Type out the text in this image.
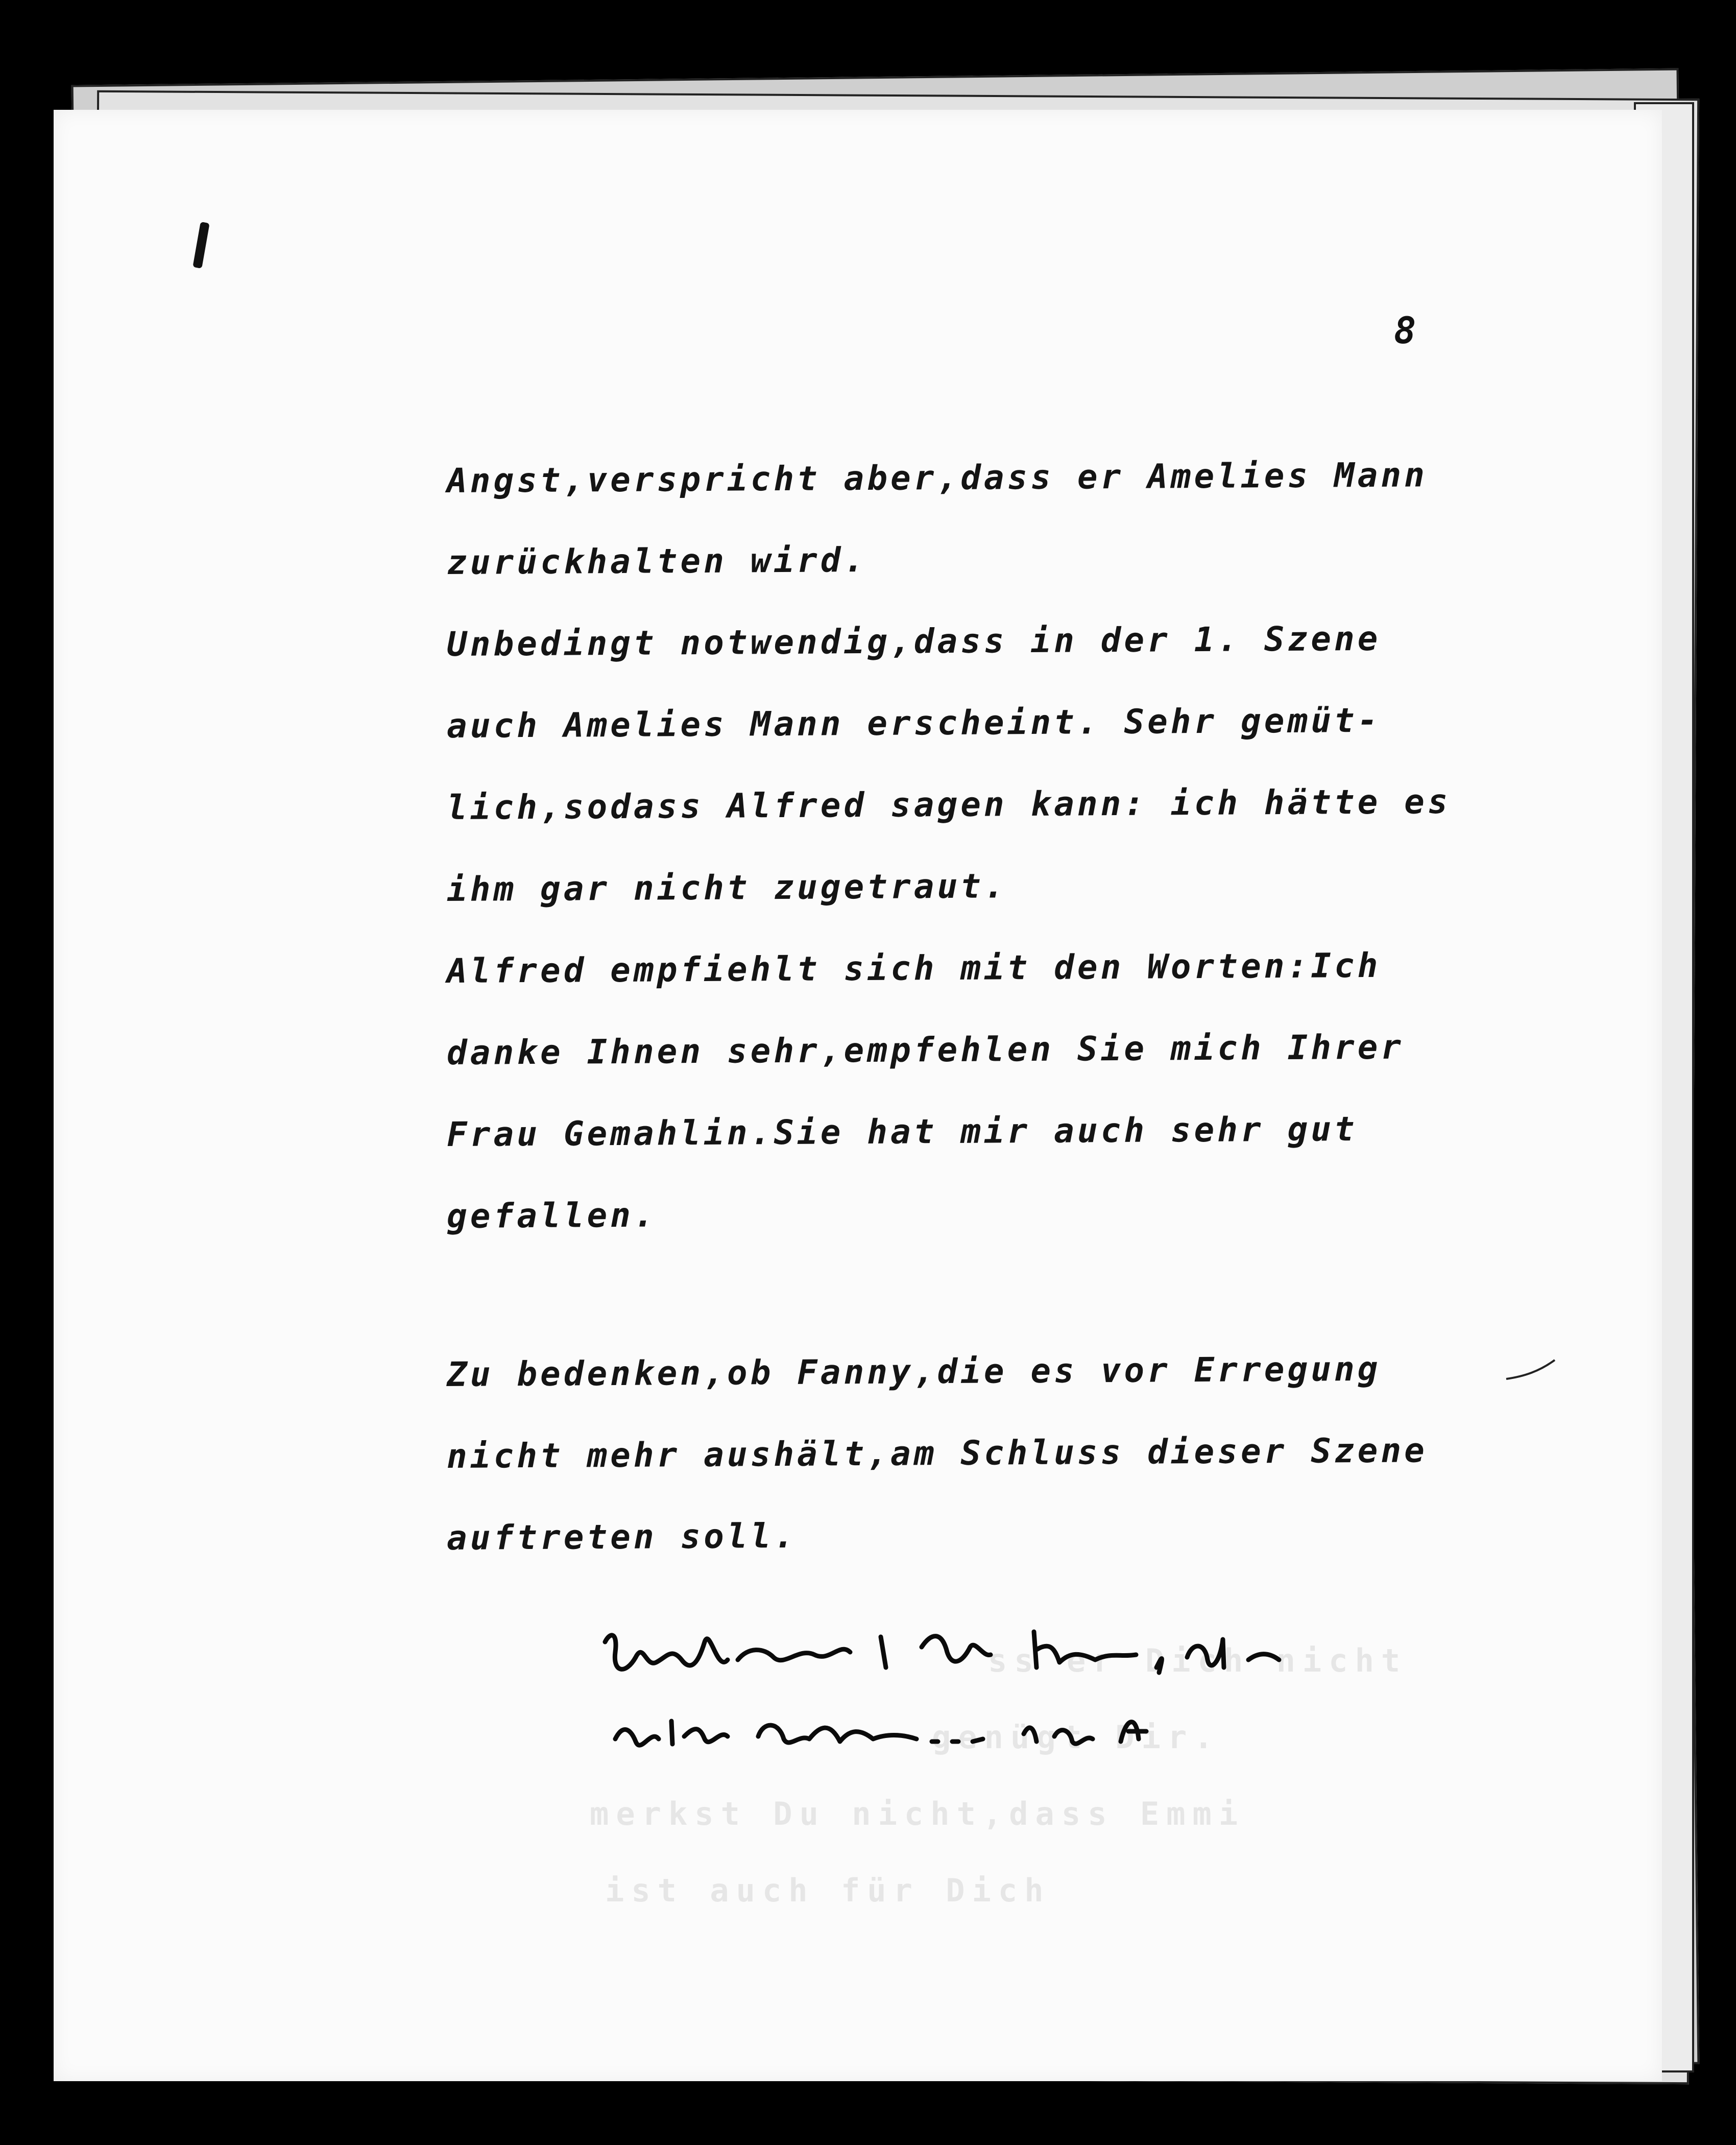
ss er Dich nicht
genügt Dir.
merkst Du nicht,dass Emmi
ist auch für Dich
8
Angst,verspricht aber,dass er Amelies Mann
zurückhalten wird.
Unbedingt notwendig,dass in der 1. Szene
auch Amelies Mann erscheint. Sehr gemüt-
lich,sodass Alfred sagen kann: ich hätte es
ihm gar nicht zugetraut.
Alfred empfiehlt sich mit den Worten:Ich
danke Ihnen sehr,empfehlen Sie mich Ihrer
Frau Gemahlin.Sie hat mir auch sehr gut
gefallen.
Zu bedenken,ob Fanny,die es vor Erregung
nicht mehr aushält,am Schluss dieser Szene
auftreten soll.
